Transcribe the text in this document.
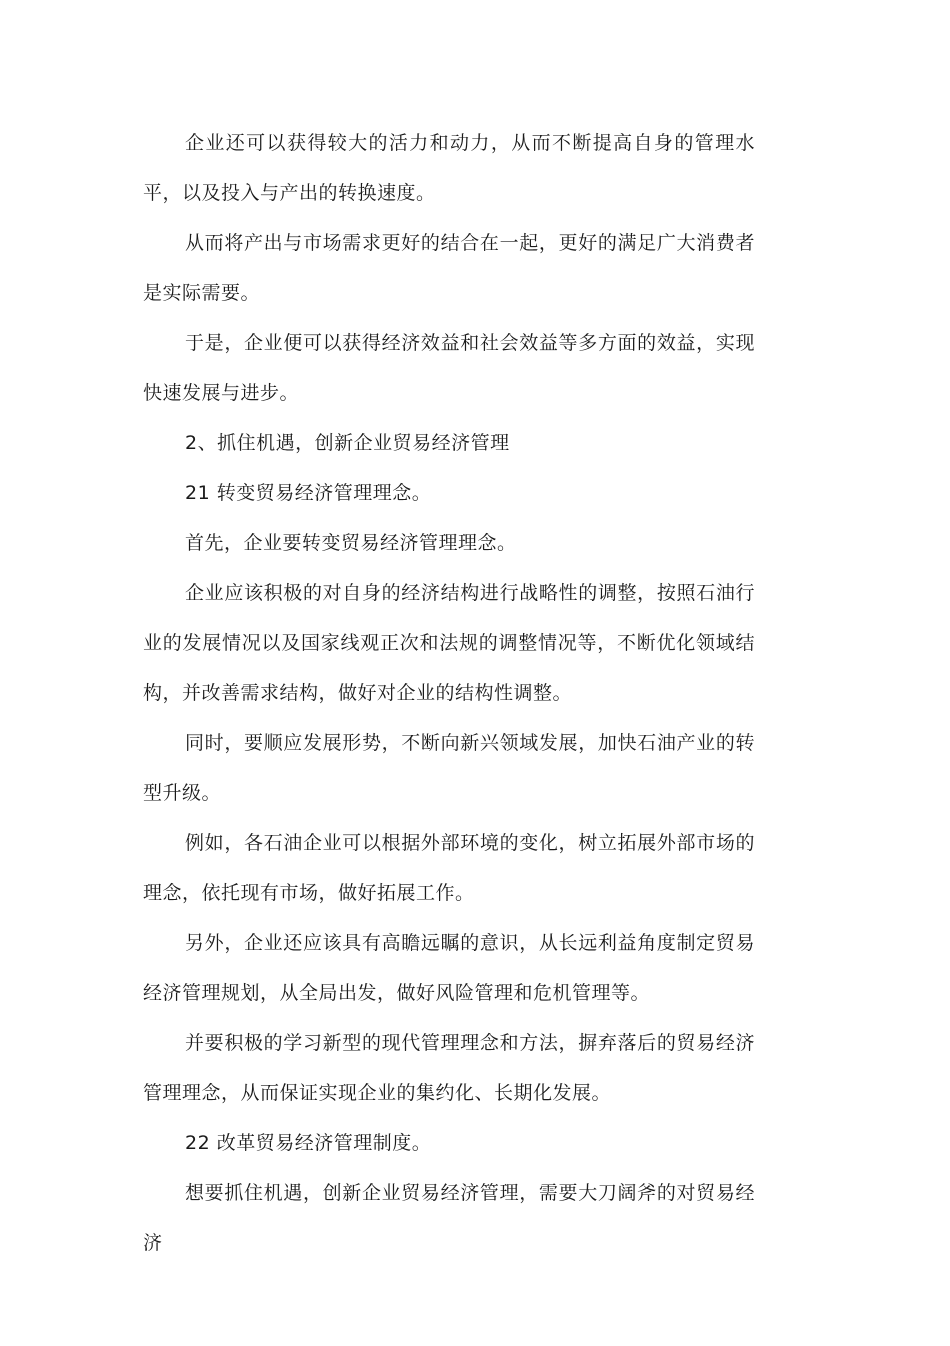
企业还可以获得较大的活力和动力，从而不断提高自身的管理水平，以及投入与产出的转换速度。

从而将产出与市场需求更好的结合在一起，更好的满足广大消费者是实际需要。

于是，企业便可以获得经济效益和社会效益等多方面的效益，实现快速发展与进步。

2、抓住机遇，创新企业贸易经济管理

21 转变贸易经济管理理念。

首先，企业要转变贸易经济管理理念。

企业应该积极的对自身的经济结构进行战略性的调整，按照石油行业的发展情况以及国家线观正次和法规的调整情况等，不断优化领域结构，并改善需求结构，做好对企业的结构性调整。

同时，要顺应发展形势，不断向新兴领域发展，加快石油产业的转型升级。

例如，各石油企业可以根据外部环境的变化，树立拓展外部市场的理念，依托现有市场，做好拓展工作。

另外，企业还应该具有高瞻远瞩的意识，从长远利益角度制定贸易经济管理规划，从全局出发，做好风险管理和危机管理等。

并要积极的学习新型的现代管理理念和方法，摒弃落后的贸易经济管理理念，从而保证实现企业的集约化、长期化发展。

22 改革贸易经济管理制度。

想要抓住机遇，创新企业贸易经济管理，需要大刀阔斧的对贸易经济
